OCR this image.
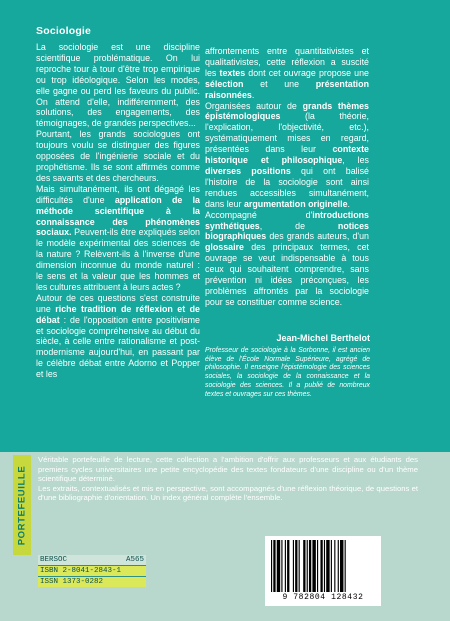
Sociologie

La sociologie est une discipline scientifique problématique. On lui reproche tour à tour d'être trop empirique ou trop idéologique. Selon les modes, elle gagne ou perd les faveurs du public. On attend d'elle, indifféremment, des solutions, des engagements, des témoignages, de grandes perspectives...

Pourtant, les grands sociologues ont toujours voulu se distinguer des figures opposées de l'ingénierie sociale et du prophétisme. Ils se sont affirmés comme des savants et des chercheurs.

Mais simultanément, ils ont dégagé les difficultés d'une application de la méthode scientifique à la connaissance des phénomènes sociaux. Peuvent-ils être expliqués selon le modèle expérimental des sciences de la nature ? Relèvent-ils à l'inverse d'une dimension inconnue du monde naturel : le sens et la valeur que les hommes et les cultures attribuent à leurs actes ?

Autour de ces questions s'est construite une riche tradition de réflexion et de débat : de l'opposition entre positivisme et sociologie compréhensive au début du siècle, à celle entre rationalisme et post-modernisme aujourd'hui, en passant par le célèbre débat entre Adorno et Popper et les

affrontements entre quantitativistes et qualitativistes, cette réflexion a suscité les textes dont cet ouvrage propose une sélection et une présentation raisonnées.

Organisées autour de grands thèmes épistémologiques (la théorie, l'explication, l'objectivité, etc.), systématiquement mises en regard, présentées dans leur contexte historique et philosophique, les diverses positions qui ont balisé l'histoire de la sociologie sont ainsi rendues accessibles simultanément, dans leur argumentation originelle.

Accompagné d'introductions synthétiques, de notices biographiques des grands auteurs, d'un glossaire des principaux termes, cet ouvrage se veut indispensable à tous ceux qui souhaitent comprendre, sans prévention ni idées préconçues, les problèmes affrontés par la sociologie pour se constituer comme science.

Jean-Michel Berthelot
Professeur de sociologie à la Sorbonne, il est ancien élève de l'École Normale Supérieure, agrégé de philosophie. Il enseigne l'épistémologie des sciences sociales, la sociologie de la connaissance et la sociologie des sciences. Il a publié de nombreux textes et ouvrages sur ces thèmes.
PORTEFEUILLE

Véritable portefeuille de lecture, cette collection a l'ambition d'offrir aux professeurs et aux étudiants des premiers cycles universitaires une petite encyclopédie des textes fondateurs d'une discipline ou d'un thème scientifique déterminé.

Les extraits, contextualisés et mis en perspective, sont accompagnés d'une réflexion théorique, de questions et d'une bibliographie d'orientation. Un index général complète l'ensemble.

BERSOC	A565
ISBN 2-8041-2843-1
ISSN 1373-0282
9 782804 128432
